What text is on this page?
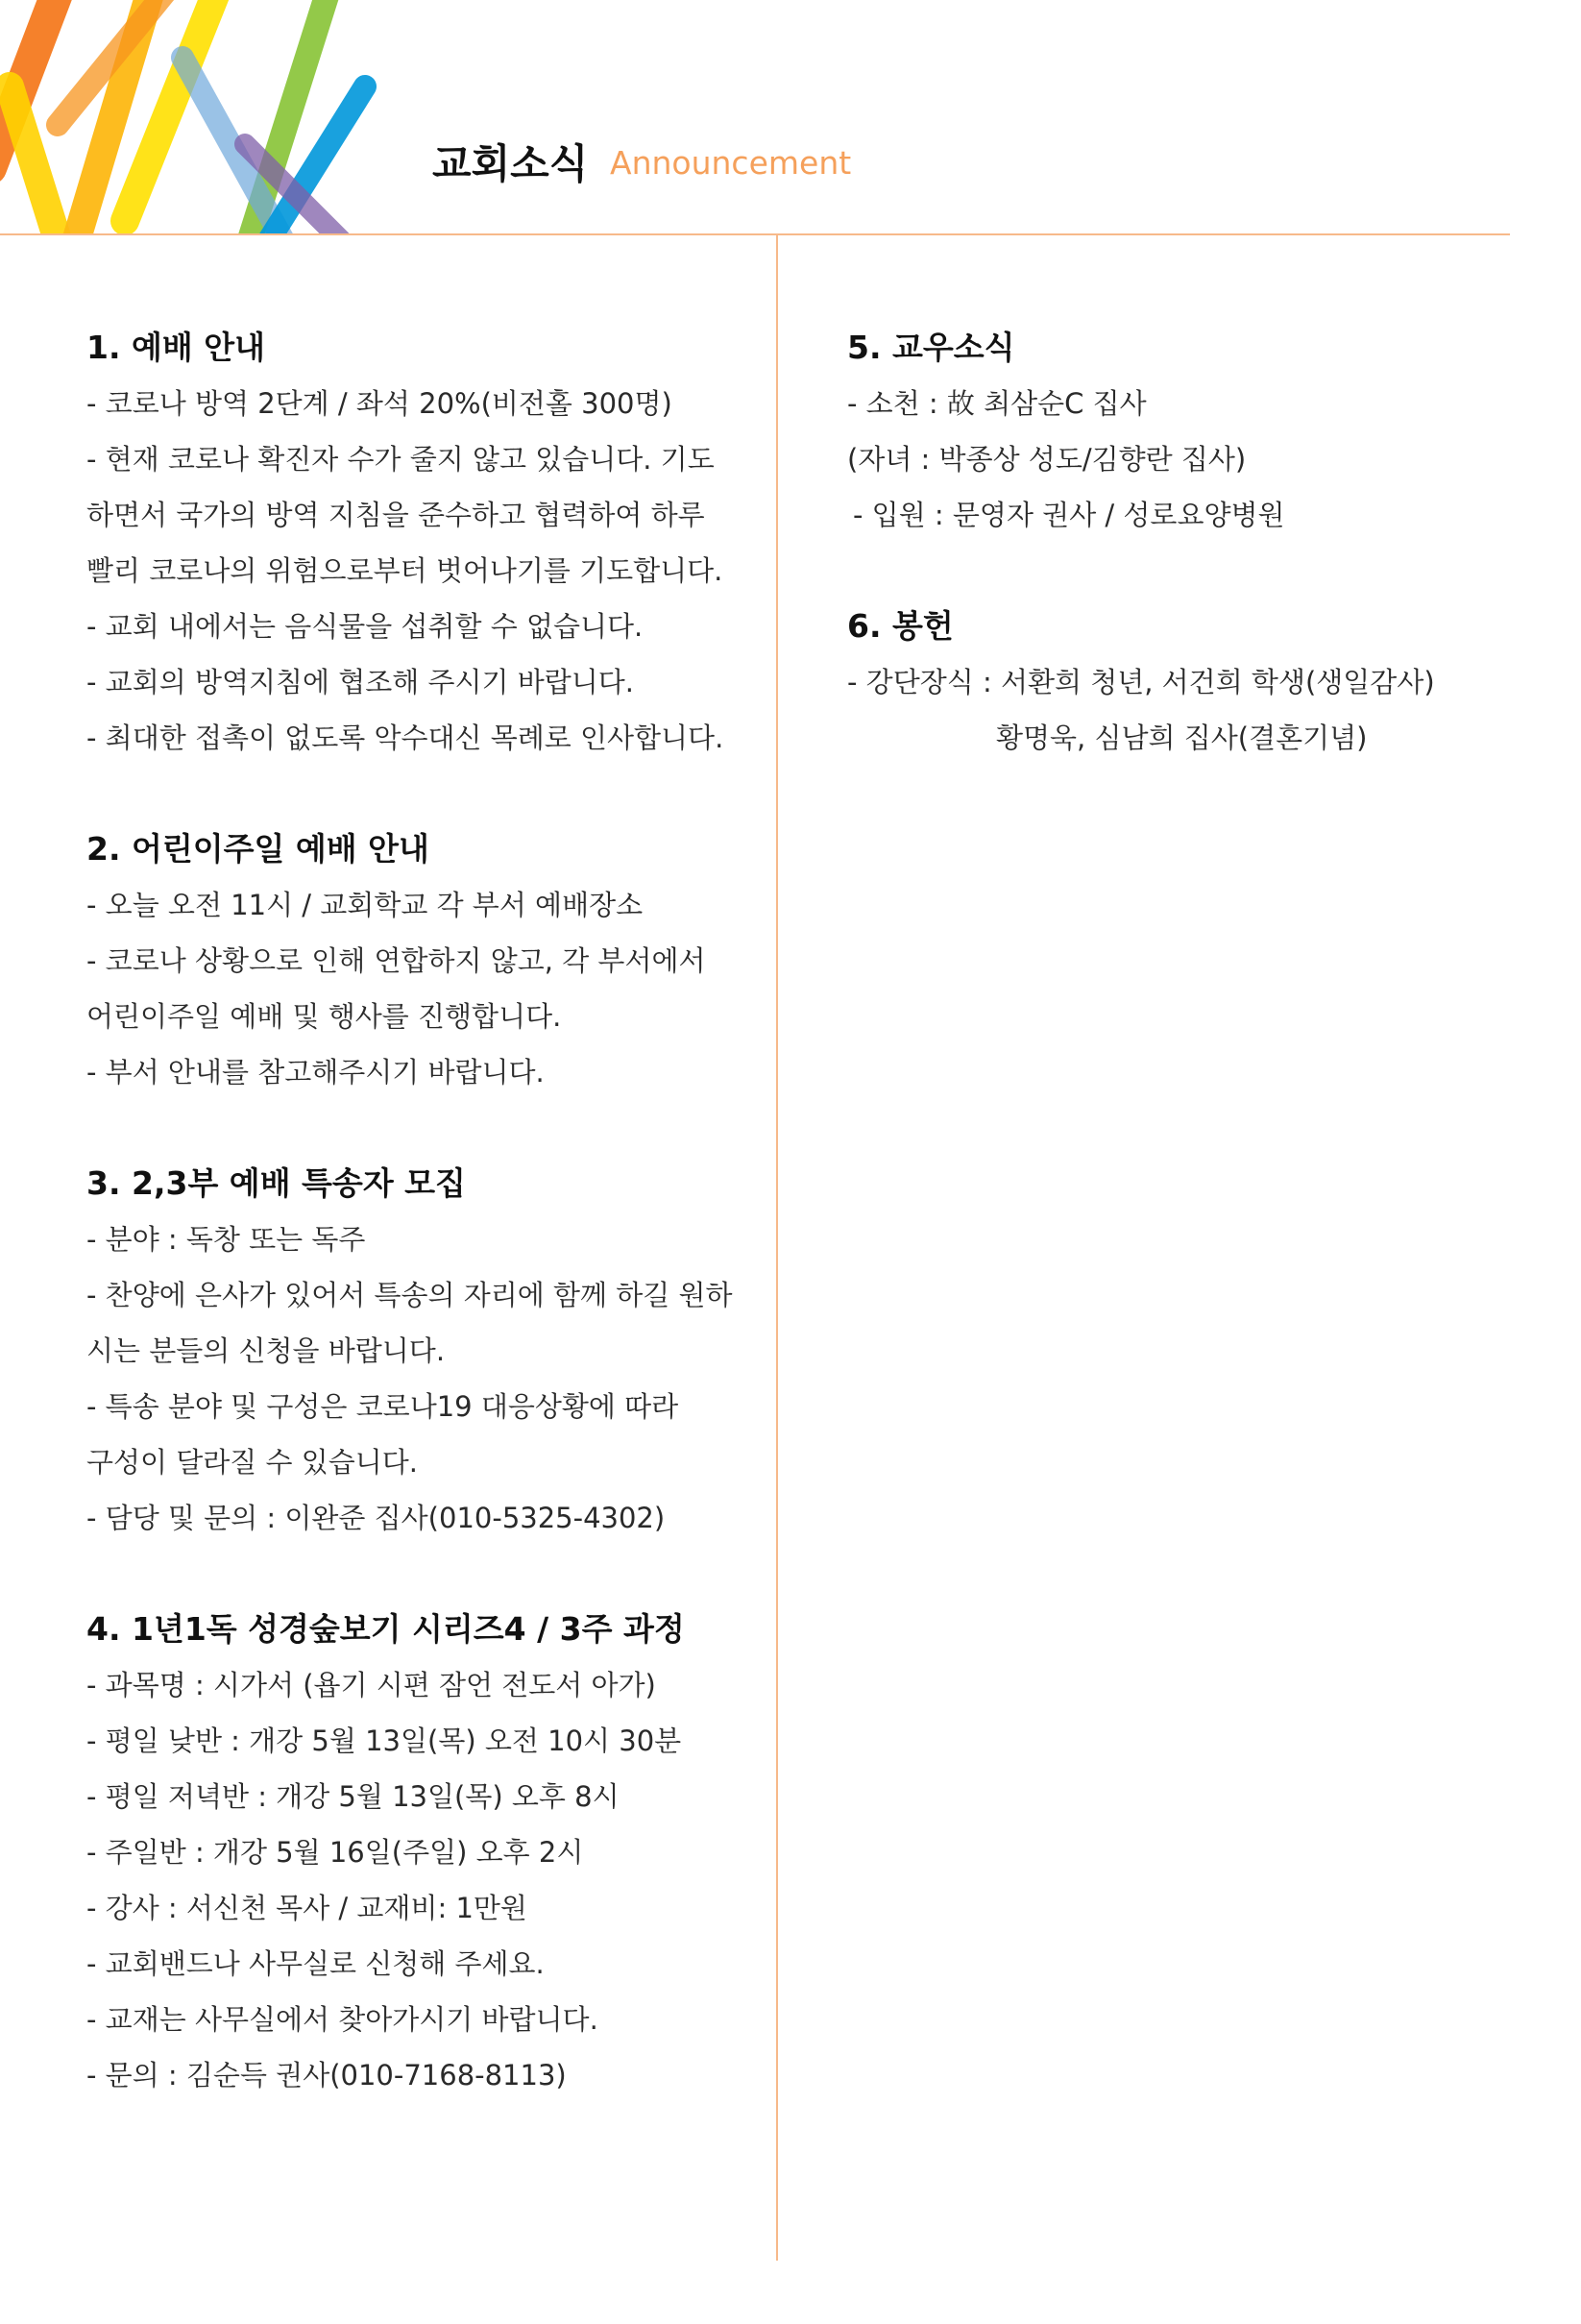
교회소식 Announcement
1. 예배 안내
- 코로나 방역 2단계 / 좌석 20%(비전홀 300명)
- 현재 코로나 확진자 수가 줄지 않고 있습니다. 기도
하면서 국가의 방역 지침을 준수하고 협력하여 하루
빨리 코로나의 위험으로부터 벗어나기를 기도합니다.
- 교회 내에서는 음식물을 섭취할 수 없습니다.
- 교회의 방역지침에 협조해 주시기 바랍니다.
- 최대한 접촉이 없도록 악수대신 목례로 인사합니다.
2. 어린이주일 예배 안내
- 오늘 오전 11시 / 교회학교 각 부서 예배장소
- 코로나 상황으로 인해 연합하지 않고, 각 부서에서
어린이주일 예배 및 행사를 진행합니다.
- 부서 안내를 참고해주시기 바랍니다.
3. 2,3부 예배 특송자 모집
- 분야 : 독창 또는 독주
- 찬양에 은사가 있어서 특송의 자리에 함께 하길 원하
시는 분들의 신청을 바랍니다.
- 특송 분야 및 구성은 코로나19 대응상황에 따라
구성이 달라질 수 있습니다.
- 담당 및 문의 : 이완준 집사(010-5325-4302)
4. 1년1독 성경숲보기 시리즈4 / 3주 과정
- 과목명 : 시가서 (욥기 시편 잠언 전도서 아가)
- 평일 낮반 : 개강 5월 13일(목) 오전 10시 30분
- 평일 저녁반 : 개강 5월 13일(목) 오후 8시
- 주일반 : 개강 5월 16일(주일) 오후 2시
- 강사 : 서신천 목사 / 교재비: 1만원
- 교회밴드나 사무실로 신청해 주세요.
- 교재는 사무실에서 찾아가시기 바랍니다.
- 문의 : 김순득 권사(010-7168-8113)
5. 교우소식
- 소천 : 故 최삼순C 집사
(자녀 : 박종상 성도/김향란 집사)
- 입원 : 문영자 권사 / 성로요양병원
6. 봉헌
- 강단장식 : 서환희 청년, 서건희 학생(생일감사)
황명욱, 심남희 집사(결혼기념)
